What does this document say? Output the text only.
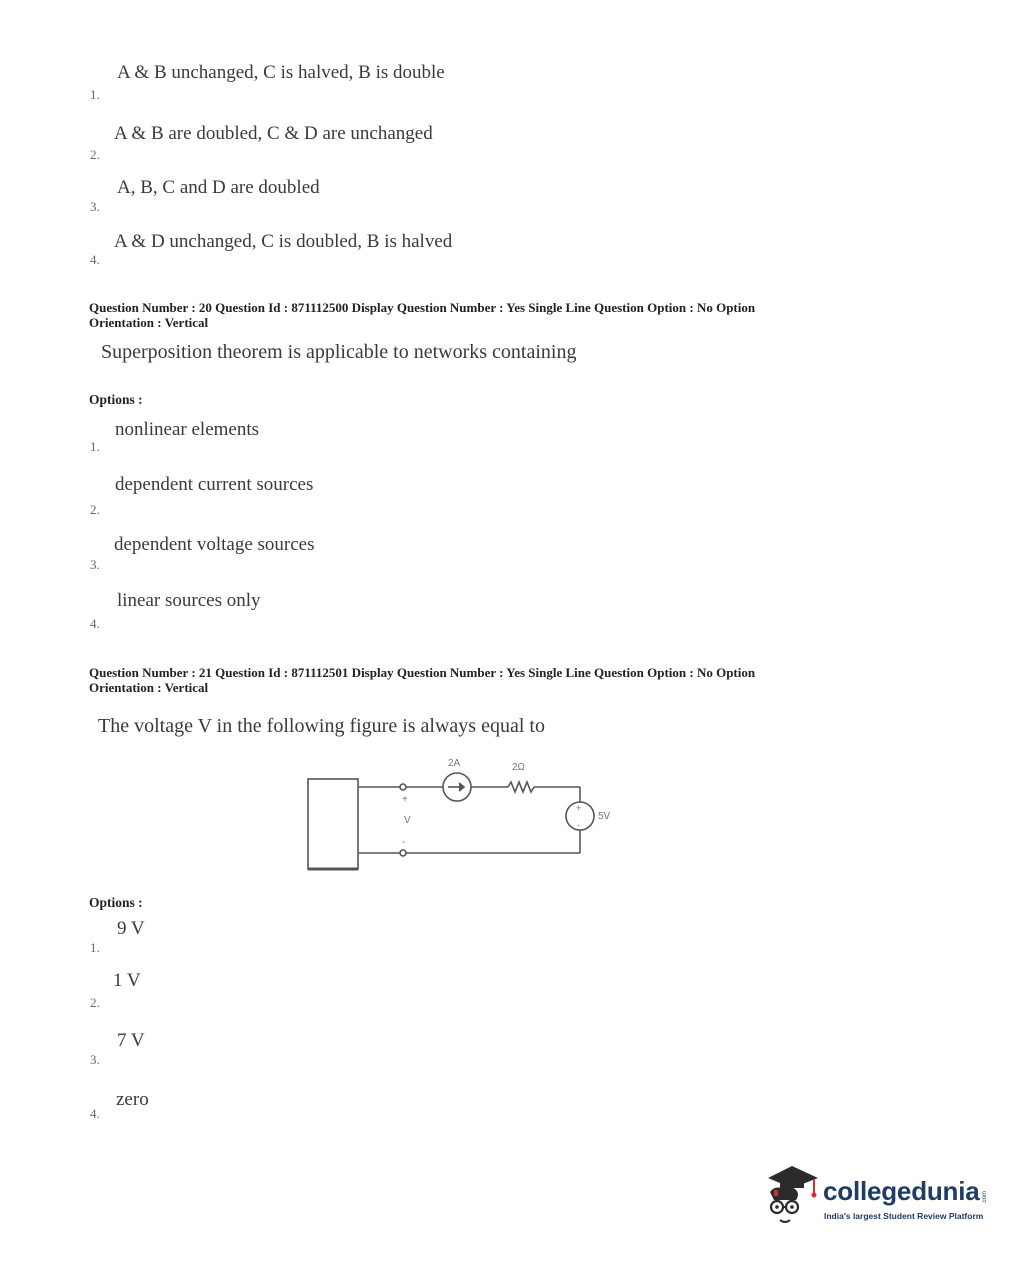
A & B unchanged, C is halved, B is double
1.
A & B are doubled, C & D are unchanged
2.
A, B, C and D are doubled
3.
A & D unchanged, C is doubled, B is halved
4.
Question Number : 20 Question Id : 871112500 Display Question Number : Yes Single Line Question Option : No Option
Orientation : Vertical
Superposition theorem is applicable to networks containing
Options :
nonlinear elements
1.
dependent current sources
2.
dependent voltage sources
3.
linear sources only
4.
Question Number : 21 Question Id : 871112501 Display Question Number : Yes Single Line Question Option : No Option
Orientation : Vertical
The voltage V in the following figure is always equal to
2A	2Ω
5V
+
V
-
+
-
Options :
9 V
1.
1 V
2.
7 V
3.
zero
4.
collegedunia .com
India's largest Student Review Platform
